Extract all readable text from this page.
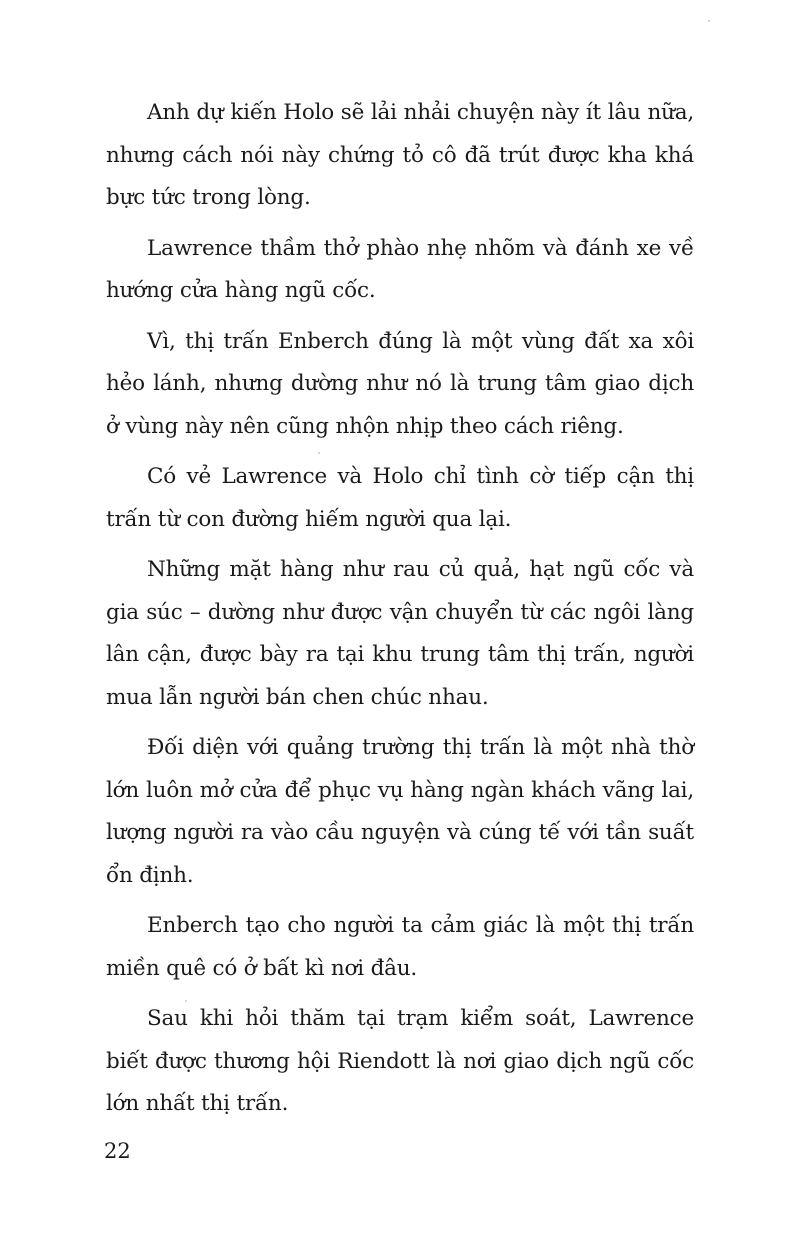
Anh dự kiến Holo sẽ lải nhải chuyện này ít lâu nữa, nhưng cách nói này chứng tỏ cô đã trút được kha khá bực tức trong lòng.

Lawrence thầm thở phào nhẹ nhõm và đánh xe về hướng cửa hàng ngũ cốc.

Vì, thị trấn Enberch đúng là một vùng đất xa xôi hẻo lánh, nhưng dường như nó là trung tâm giao dịch ở vùng này nên cũng nhộn nhịp theo cách riêng.

Có vẻ Lawrence và Holo chỉ tình cờ tiếp cận thị trấn từ con đường hiếm người qua lại.

Những mặt hàng như rau củ quả, hạt ngũ cốc và gia súc – dường như được vận chuyển từ các ngôi làng lân cận, được bày ra tại khu trung tâm thị trấn, người mua lẫn người bán chen chúc nhau.

Đối diện với quảng trường thị trấn là một nhà thờ lớn luôn mở cửa để phục vụ hàng ngàn khách vãng lai, lượng người ra vào cầu nguyện và cúng tế với tần suất ổn định.

Enberch tạo cho người ta cảm giác là một thị trấn miền quê có ở bất kì nơi đâu.

Sau khi hỏi thăm tại trạm kiểm soát, Lawrence biết được thương hội Riendott là nơi giao dịch ngũ cốc lớn nhất thị trấn.

22
